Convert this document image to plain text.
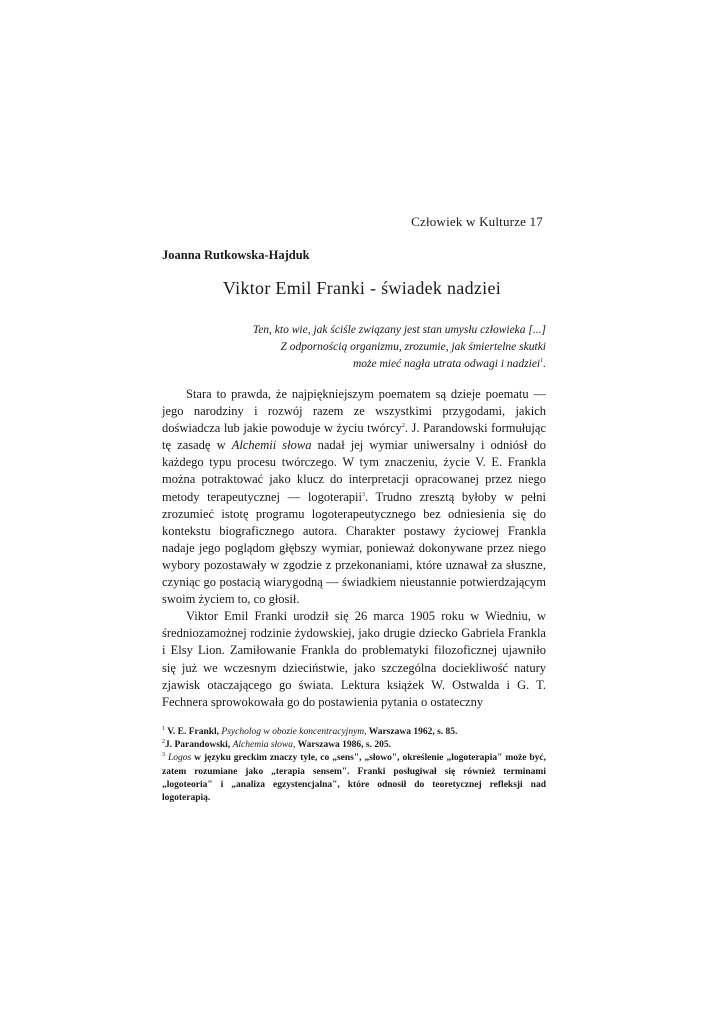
Człowiek w Kulturze 17
Joanna Rutkowska-Hajduk
Viktor Emil Franki - świadek nadziei
Ten, kto wie, jak ściśle związany jest stan umysłu człowieka [...]
Z odpornością organizmu, zrozumie, jak śmiertelne skutki
może mieć nagła utrata odwagi i nadziei$^1$.

Stara to prawda, że najpiękniejszym poematem są dzieje poematu — jego narodziny i rozwój razem ze wszystkimi przygodami, jakich doświadcza lub jakie powoduje w życiu twórcy$^2$. J. Parandowski formułując tę zasadę w Alchemii słowa nadał jej wymiar uniwersalny i odniósł do każdego typu procesu twórczego. W tym znaczeniu, życie V. E. Frankla można potraktować jako klucz do interpretacji opracowanej przez niego metody terapeutycznej — logoterapii$^3$. Trudno zresztą byłoby w pełni zrozumieć istotę programu logoterapeutycznego bez odniesienia się do kontekstu biograficznego autora. Charakter postawy życiowej Frankla nadaje jego poglądom głębszy wymiar, ponieważ dokonywane przez niego wybory pozostawały w zgodzie z przekonaniami, które uznawał za słuszne, czyniąc go postacią wiarygodną — świadkiem nieustannie potwierdzającym swoim życiem to, co głosił.

Viktor Emil Franki urodził się 26 marca 1905 roku w Wiedniu, w średniozamożnej rodzinie żydowskiej, jako drugie dziecko Gabriela Frankla i Elsy Lion. Zamiłowanie Frankla do problematyki filozoficznej ujawniło się już we wczesnym dzieciństwie, jako szczególna dociekliwość natury zjawisk otaczającego go świata. Lektura książek W. Ostwalda i G. T. Fechnera sprowokowała go do postawienia pytania o ostateczny

$^1$ V. E. Frankl, Psycholog w obozie koncentracyjnym, Warszawa 1962, s. 85.
$^2$J. Parandowski, Alchemia słowa, Warszawa 1986, s. 205.
$^3$ Logos w języku greckim znaczy tyle, co „sens", „słowo", określenie „logoterapia" może być, zatem rozumiane jako „terapia sensem". Franki posługiwał się również terminami „logoteoria" i „analiza egzystencjalna", które odnosił do teoretycznej refleksji nad logoterapią.
